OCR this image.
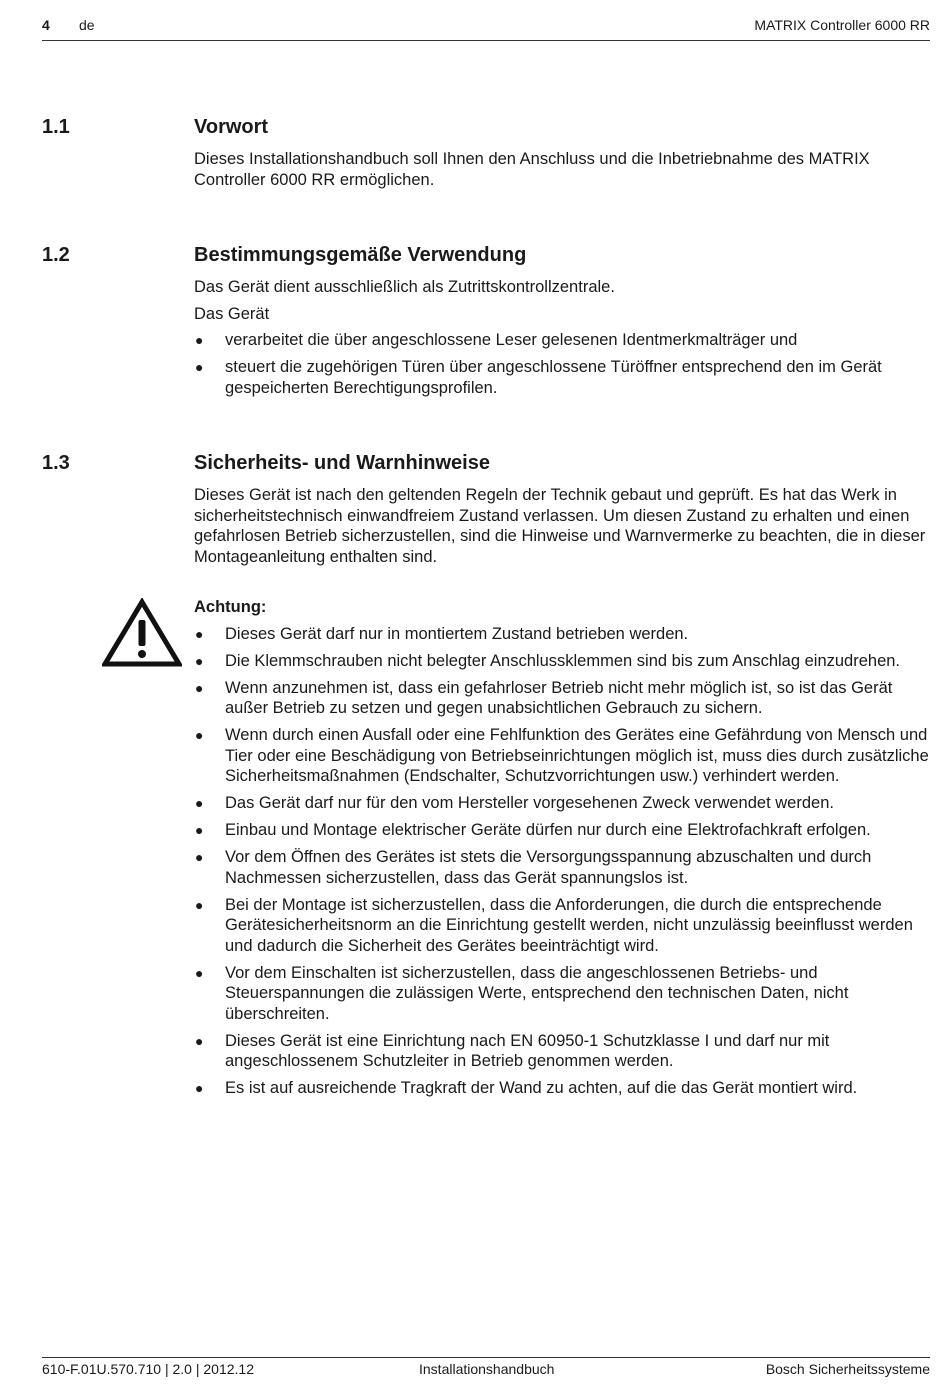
4 de	MATRIX Controller 6000 RR
1.1	Vorwort

Dieses Installationshandbuch soll Ihnen den Anschluss und die Inbetriebnahme des MATRIX Controller 6000 RR ermöglichen.

1.2	Bestimmungsgemäße Verwendung

Das Gerät dient ausschließlich als Zutrittskontrollzentrale.

Das Gerät

● verarbeitet die über angeschlossene Leser gelesenen Identmerkmalträger und
● steuert die zugehörigen Türen über angeschlossene Türöffner entsprechend den im Gerät gespeicherten Berechtigungsprofilen.
1.3	Sicherheits- und Warnhinweise

Dieses Gerät ist nach den geltenden Regeln der Technik gebaut und geprüft. Es hat das Werk in sicherheitstechnisch einwandfreiem Zustand verlassen. Um diesen Zustand zu erhalten und einen gefahrlosen Betrieb sicherzustellen, sind die Hinweise und Warnvermerke zu beachten, die in dieser Montageanleitung enthalten sind.

Achtung:

● Dieses Gerät darf nur in montiertem Zustand betrieben werden.
● Die Klemmschrauben nicht belegter Anschlussklemmen sind bis zum Anschlag einzudrehen.
● Wenn anzunehmen ist, dass ein gefahrloser Betrieb nicht mehr möglich ist, so ist das Gerät außer Betrieb zu setzen und gegen unabsichtlichen Gebrauch zu sichern.
● Wenn durch einen Ausfall oder eine Fehlfunktion des Gerätes eine Gefährdung von Mensch und Tier oder eine Beschädigung von Betriebseinrichtungen möglich ist, muss dies durch zusätzliche Sicherheitsmaßnahmen (Endschalter, Schutzvorrichtungen usw.) verhindert werden.
● Das Gerät darf nur für den vom Hersteller vorgesehenen Zweck verwendet werden.
● Einbau und Montage elektrischer Geräte dürfen nur durch eine Elektrofachkraft erfolgen.
● Vor dem Öffnen des Gerätes ist stets die Versorgungsspannung abzuschalten und durch Nachmessen sicherzustellen, dass das Gerät spannungslos ist.
● Bei der Montage ist sicherzustellen, dass die Anforderungen, die durch die entsprechende Gerätesicherheitsnorm an die Einrichtung gestellt werden, nicht unzulässig beeinflusst werden und dadurch die Sicherheit des Gerätes beeinträchtigt wird.
● Vor dem Einschalten ist sicherzustellen, dass die angeschlossenen Betriebs- und Steuerspannungen die zulässigen Werte, entsprechend den technischen Daten, nicht überschreiten.
● Dieses Gerät ist eine Einrichtung nach EN 60950-1 Schutzklasse I und darf nur mit angeschlossenem Schutzleiter in Betrieb genommen werden.
● Es ist auf ausreichende Tragkraft der Wand zu achten, auf die das Gerät montiert wird.
610-F.01U.570.710 | 2.0 | 2012.12	Installationshandbuch	Bosch Sicherheitssysteme
